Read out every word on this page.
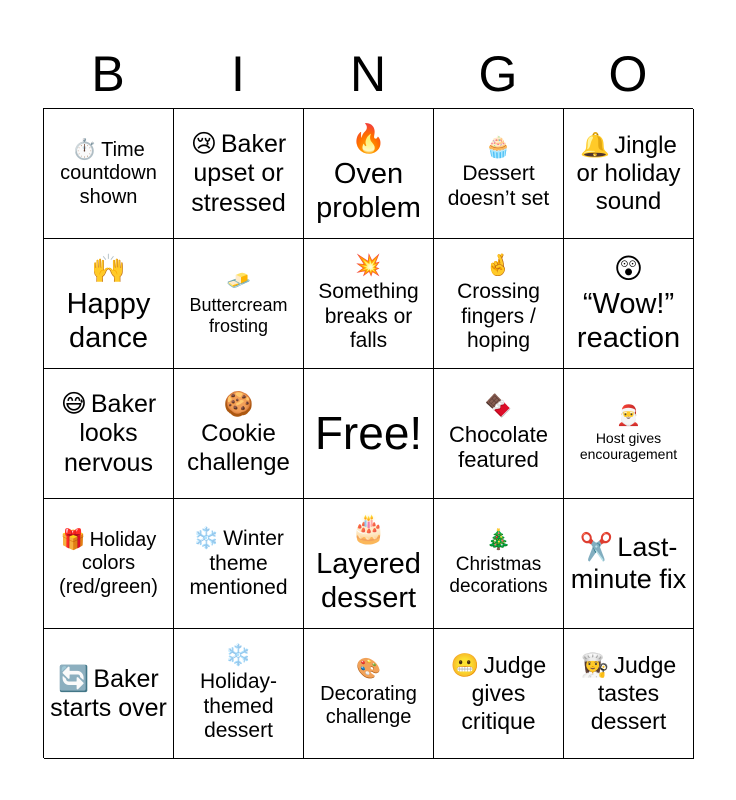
B	I	N	G	O
⏱️ Time countdown shown
😢 Baker upset or stressed
🔥
Oven problem
🧁
Dessert doesn’t set
🔔 Jingle or holiday sound
🙌
Happy dance
🧈
Buttercream frosting
💥
Something breaks or falls
🤞
Crossing fingers / hoping
😲
“Wow!” reaction
😅 Baker looks nervous
🍪
Cookie challenge
Free!
🍫
Chocolate featured
🎅
Host gives encouragement
🎁 Holiday colors (red/green)
❄️ Winter theme mentioned
🎂
Layered dessert
🎄
Christmas decorations
✂️ Last-minute fix
🔄 Baker starts over
❄️
Holiday-themed dessert
🎨
Decorating challenge
😬 Judge gives critique
👩‍🍳 Judge tastes dessert
